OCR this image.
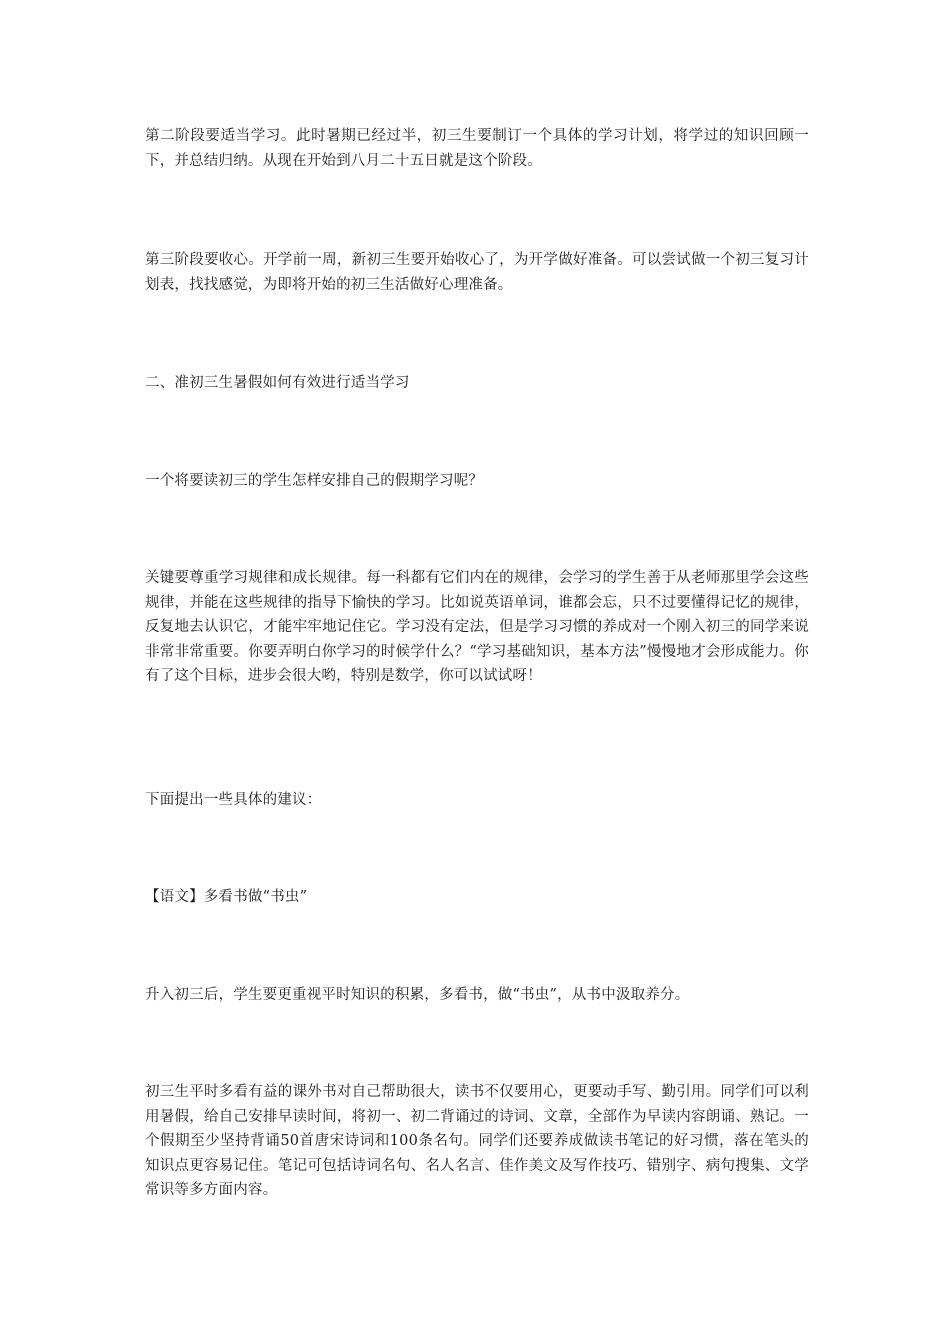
第二阶段要适当学习。此时暑期已经过半，初三生要制订一个具体的学习计划，将学过的知识回顾一下，并总结归纳。从现在开始到八月二十五日就是这个阶段。

第三阶段要收心。开学前一周，新初三生要开始收心了，为开学做好准备。可以尝试做一个初三复习计划表，找找感觉，为即将开始的初三生活做好心理准备。

二、准初三生暑假如何有效进行适当学习

一个将要读初三的学生怎样安排自己的假期学习呢？

关键要尊重学习规律和成长规律。每一科都有它们内在的规律，会学习的学生善于从老师那里学会这些规律，并能在这些规律的指导下愉快的学习。比如说英语单词，谁都会忘，只不过要懂得记忆的规律，反复地去认识它，才能牢牢地记住它。学习没有定法，但是学习习惯的养成对一个刚入初三的同学来说非常非常重要。你要弄明白你学习的时候学什么？“学习基础知识，基本方法”慢慢地才会形成能力。你有了这个目标，进步会很大哟，特别是数学，你可以试试呀！

下面提出一些具体的建议：

【语文】多看书做“书虫”

升入初三后，学生要更重视平时知识的积累，多看书，做“书虫”，从书中汲取养分。

初三生平时多看有益的课外书对自己帮助很大，读书不仅要用心，更要动手写、勤引用。同学们可以利用暑假，给自己安排早读时间，将初一、初二背诵过的诗词、文章，全部作为早读内容朗诵、熟记。一个假期至少坚持背诵50首唐宋诗词和100条名句。同学们还要养成做读书笔记的好习惯，落在笔头的知识点更容易记住。笔记可包括诗词名句、名人名言、佳作美文及写作技巧、错别字、病句搜集、文学常识等多方面内容。
